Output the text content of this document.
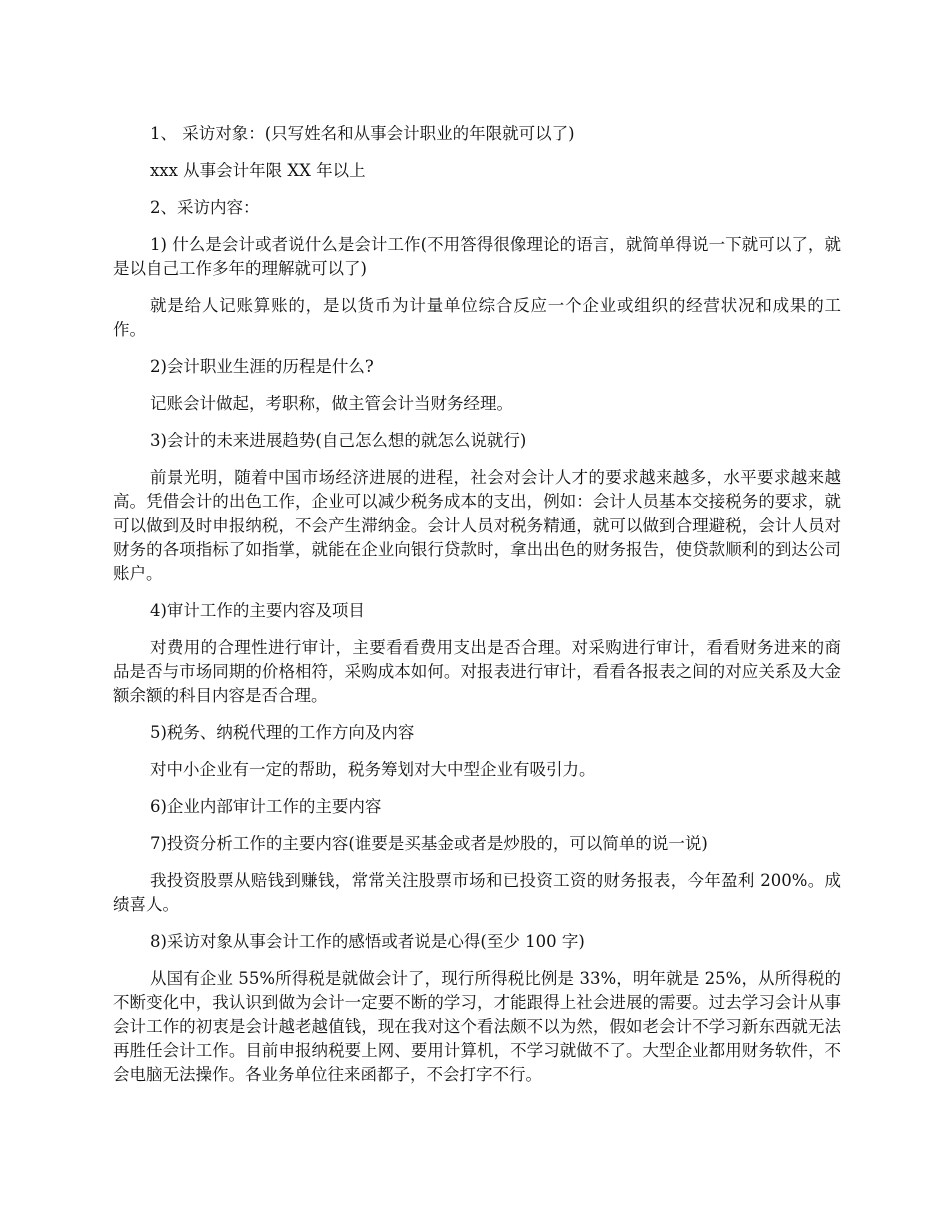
1、 采访对象：(只写姓名和从事会计职业的年限就可以了)

xxx 从事会计年限 XX 年以上

2、采访内容：

1) 什么是会计或者说什么是会计工作(不用答得很像理论的语言，就简单得说一下就可以了，就是以自己工作多年的理解就可以了)

就是给人记账算账的，是以货币为计量单位综合反应一个企业或组织的经营状况和成果的工作。

2)会计职业生涯的历程是什么?

记账会计做起，考职称，做主管会计当财务经理。

3)会计的未来进展趋势(自己怎么想的就怎么说就行)

前景光明，随着中国市场经济进展的进程，社会对会计人才的要求越来越多，水平要求越来越高。凭借会计的出色工作，企业可以减少税务成本的支出，例如：会计人员基本交接税务的要求，就可以做到及时申报纳税，不会产生滞纳金。会计人员对税务精通，就可以做到合理避税，会计人员对财务的各项指标了如指掌，就能在企业向银行贷款时，拿出出色的财务报告，使贷款顺利的到达公司账户。

4)审计工作的主要内容及项目

对费用的合理性进行审计，主要看看费用支出是否合理。对采购进行审计，看看财务进来的商品是否与市场同期的价格相符，采购成本如何。对报表进行审计，看看各报表之间的对应关系及大金额余额的科目内容是否合理。

5)税务、纳税代理的工作方向及内容

对中小企业有一定的帮助，税务筹划对大中型企业有吸引力。

6)企业内部审计工作的主要内容

7)投资分析工作的主要内容(谁要是买基金或者是炒股的，可以简单的说一说)

我投资股票从赔钱到赚钱，常常关注股票市场和已投资工资的财务报表，今年盈利 200%。成绩喜人。

8)采访对象从事会计工作的感悟或者说是心得(至少 100 字)

从国有企业 55%所得税是就做会计了，现行所得税比例是 33%，明年就是 25%，从所得税的不断变化中，我认识到做为会计一定要不断的学习，才能跟得上社会进展的需要。过去学习会计从事会计工作的初衷是会计越老越值钱，现在我对这个看法颇不以为然，假如老会计不学习新东西就无法再胜任会计工作。目前申报纳税要上网、要用计算机，不学习就做不了。大型企业都用财务软件，不会电脑无法操作。各业务单位往来函都子，不会打字不行。
